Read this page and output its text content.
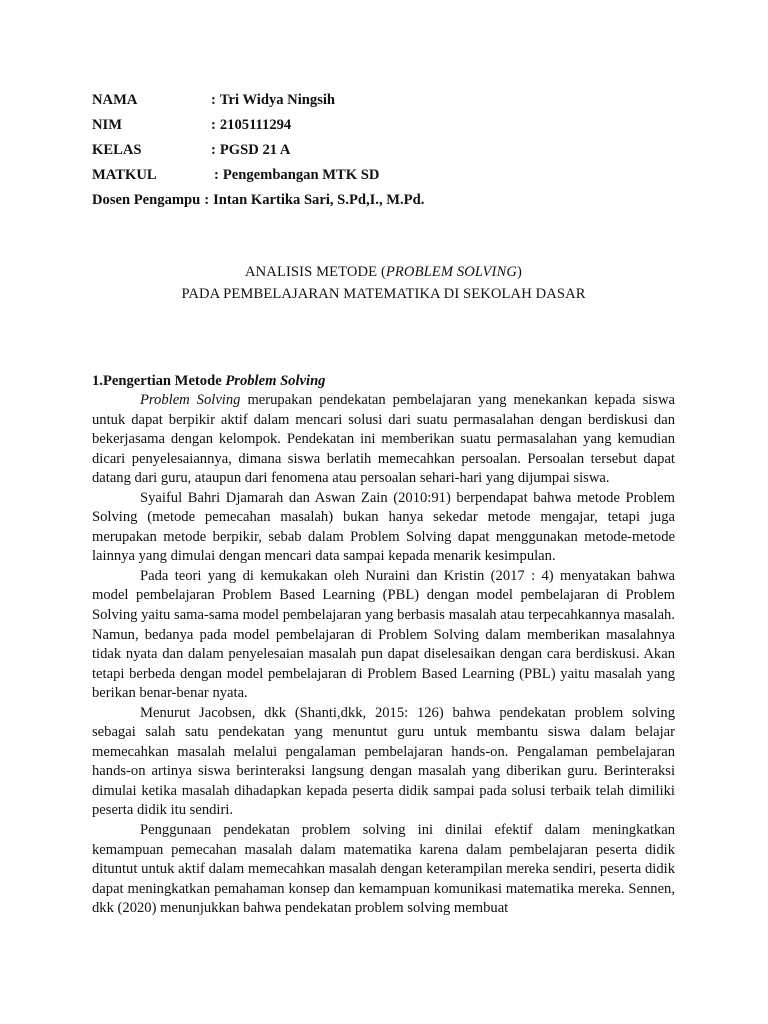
NAMA	: Tri Widya Ningsih
NIM	: 2105111294
KELAS	: PGSD 21 A
MATKUL	: Pengembangan MTK SD
Dosen Pengampu : Intan Kartika Sari, S.Pd,I., M.Pd.
ANALISIS METODE (PROBLEM SOLVING)
PADA PEMBELAJARAN MATEMATIKA DI SEKOLAH DASAR
1.Pengertian Metode Problem Solving

Problem Solving merupakan pendekatan pembelajaran yang menekankan kepada siswa untuk dapat berpikir aktif dalam mencari solusi dari suatu permasalahan dengan berdiskusi dan bekerjasama dengan kelompok. Pendekatan ini memberikan suatu permasalahan yang kemudian dicari penyelesaiannya, dimana siswa berlatih memecahkan persoalan. Persoalan tersebut dapat datang dari guru, ataupun dari fenomena atau persoalan sehari-hari yang dijumpai siswa.

Syaiful Bahri Djamarah dan Aswan Zain (2010:91) berpendapat bahwa metode Problem Solving (metode pemecahan masalah) bukan hanya sekedar metode mengajar, tetapi juga merupakan metode berpikir, sebab dalam Problem Solving dapat menggunakan metode-metode lainnya yang dimulai dengan mencari data sampai kepada menarik kesimpulan.

Pada teori yang di kemukakan oleh Nuraini dan Kristin (2017 : 4) menyatakan bahwa model pembelajaran Problem Based Learning (PBL) dengan model pembelajaran di Problem Solving yaitu sama-sama model pembelajaran yang berbasis masalah atau terpecahkannya masalah. Namun, bedanya pada model pembelajaran di Problem Solving dalam memberikan masalahnya tidak nyata dan dalam penyelesaian masalah pun dapat diselesaikan dengan cara berdiskusi. Akan tetapi berbeda dengan model pembelajaran di Problem Based Learning (PBL) yaitu masalah yang berikan benar-benar nyata.

Menurut Jacobsen, dkk (Shanti,dkk, 2015: 126) bahwa pendekatan problem solving sebagai salah satu pendekatan yang menuntut guru untuk membantu siswa dalam belajar memecahkan masalah melalui pengalaman pembelajaran hands-on. Pengalaman pembelajaran hands-on artinya siswa berinteraksi langsung dengan masalah yang diberikan guru. Berinteraksi dimulai ketika masalah dihadapkan kepada peserta didik sampai pada solusi terbaik telah dimiliki peserta didik itu sendiri.

Penggunaan pendekatan problem solving ini dinilai efektif dalam meningkatkan kemampuan pemecahan masalah dalam matematika karena dalam pembelajaran peserta didik dituntut untuk aktif dalam memecahkan masalah dengan keterampilan mereka sendiri, peserta didik dapat meningkatkan pemahaman konsep dan kemampuan komunikasi matematika mereka. Sennen, dkk (2020) menunjukkan bahwa pendekatan problem solving membuat
